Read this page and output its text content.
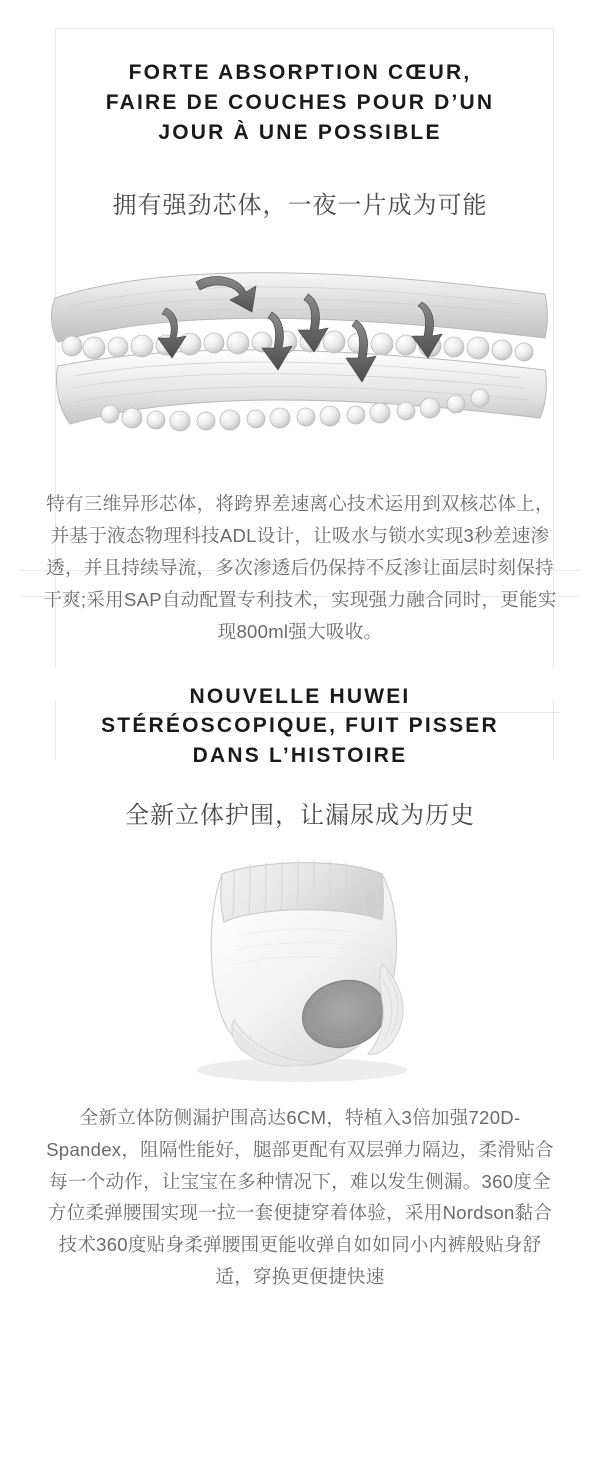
FORTE ABSORPTION CŒUR,
FAIRE DE COUCHES POUR D’UN
JOUR À UNE POSSIBLE
拥有强劲芯体，一夜一片成为可能
特有三维异形芯体，将跨界差速离心技术运用到双核芯体上，并基于液态物理科技ADL设计，让吸水与锁水实现3秒差速渗透，并且持续导流，多次渗透后仍保持不反渗让面层时刻保持干爽;采用SAP自动配置专利技术，实现强力融合同时，更能实现800ml强大吸收。
NOUVELLE HUWEI
STÉRÉOSCOPIQUE, FUIT PISSER
DANS L’HISTOIRE
全新立体护围，让漏尿成为历史
全新立体防侧漏护围高达6CM，特植入3倍加强720D-Spandex，阻隔性能好，腿部更配有双层弹力隔边，柔滑贴合每一个动作，让宝宝在多种情况下，难以发生侧漏。360度全方位柔弹腰围实现一拉一套便捷穿着体验，采用Nordson黏合技术360度贴身柔弹腰围更能收弹自如如同小内裤般贴身舒适，穿换更便捷快速
